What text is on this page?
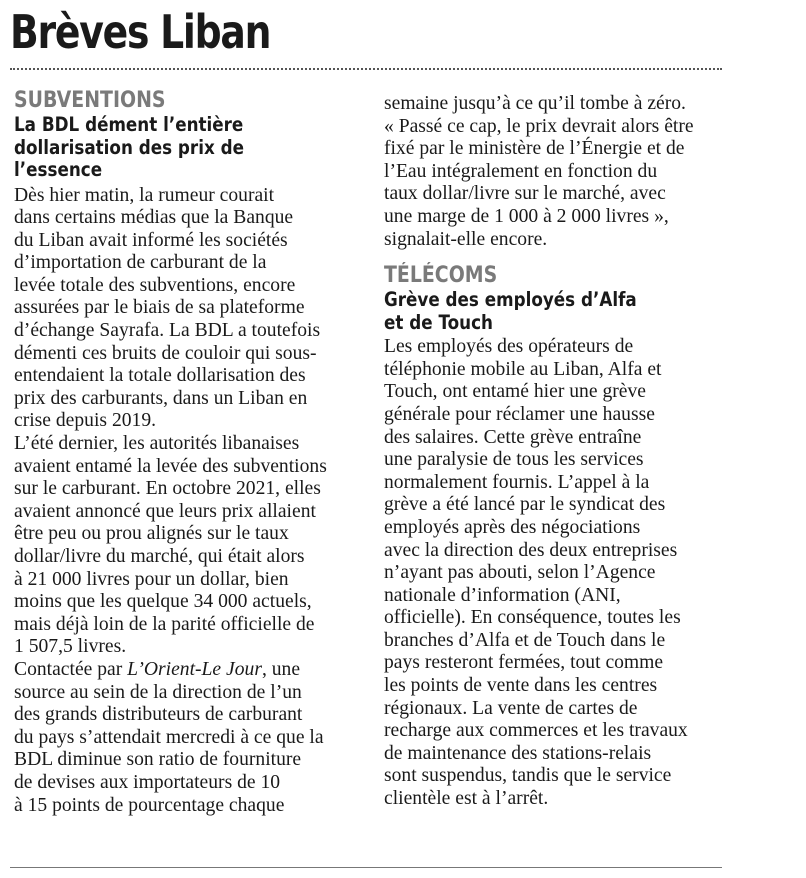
Brèves Liban
SUBVENTIONS
La BDL dément l’entière
dollarisation des prix de
l’essence
Dès hier matin, la rumeur courait
dans certains médias que la Banque
du Liban avait informé les sociétés
d’importation de carburant de la
levée totale des subventions, encore
assurées par le biais de sa plateforme
d’échange Sayrafa. La BDL a toutefois
démenti ces bruits de couloir qui sous-
entendaient la totale dollarisation des
prix des carburants, dans un Liban en
crise depuis 2019.
L’été dernier, les autorités libanaises
avaient entamé la levée des subventions
sur le carburant. En octobre 2021, elles
avaient annoncé que leurs prix allaient
être peu ou prou alignés sur le taux
dollar/livre du marché, qui était alors
à 21 000 livres pour un dollar, bien
moins que les quelque 34 000 actuels,
mais déjà loin de la parité officielle de
1 507,5 livres.
Contactée par L’Orient-Le Jour, une
source au sein de la direction de l’un
des grands distributeurs de carburant
du pays s’attendait mercredi à ce que la
BDL diminue son ratio de fourniture
de devises aux importateurs de 10
à 15 points de pourcentage chaque
semaine jusqu’à ce qu’il tombe à zéro.
« Passé ce cap, le prix devrait alors être
fixé par le ministère de l’Énergie et de
l’Eau intégralement en fonction du
taux dollar/livre sur le marché, avec
une marge de 1 000 à 2 000 livres »,
signalait-elle encore.
TÉLÉCOMS
Grève des employés d’Alfa
et de Touch
Les employés des opérateurs de
téléphonie mobile au Liban, Alfa et
Touch, ont entamé hier une grève
générale pour réclamer une hausse
des salaires. Cette grève entraîne
une paralysie de tous les services
normalement fournis. L’appel à la
grève a été lancé par le syndicat des
employés après des négociations
avec la direction des deux entreprises
n’ayant pas abouti, selon l’Agence
nationale d’information (ANI,
officielle). En conséquence, toutes les
branches d’Alfa et de Touch dans le
pays resteront fermées, tout comme
les points de vente dans les centres
régionaux. La vente de cartes de
recharge aux commerces et les travaux
de maintenance des stations-relais
sont suspendus, tandis que le service
clientèle est à l’arrêt.
